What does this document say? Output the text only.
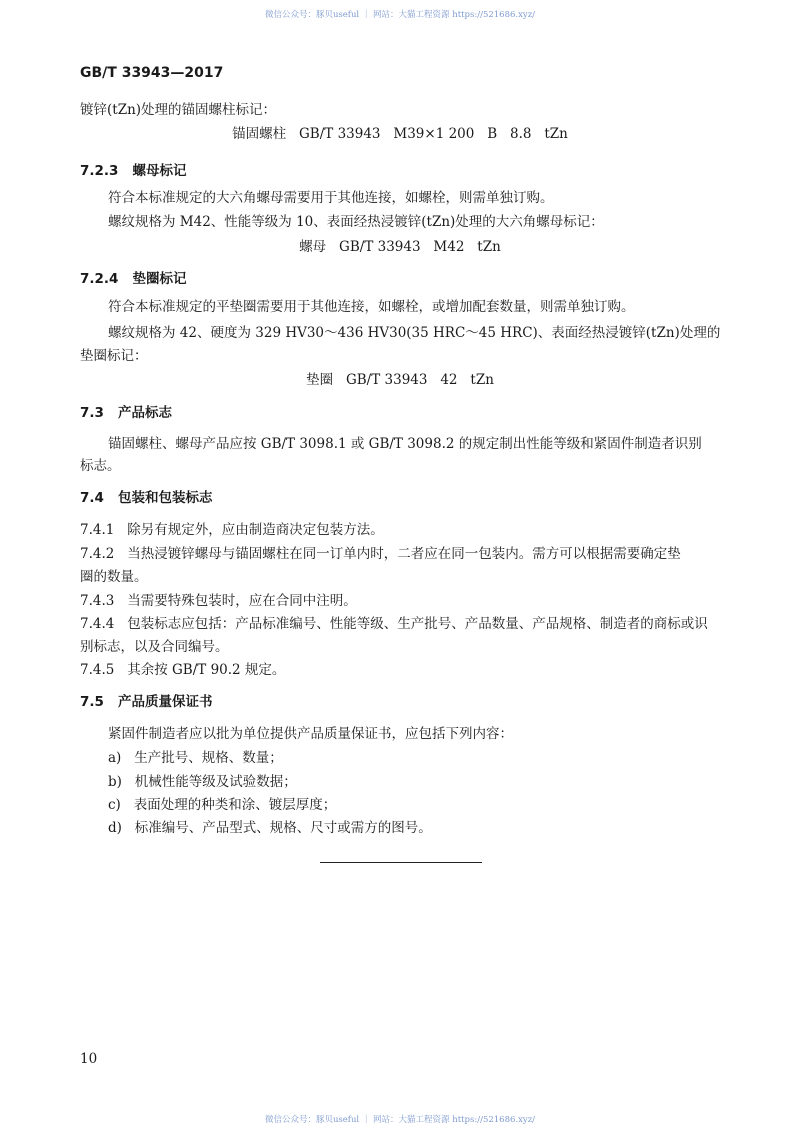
微信公众号：豚贝useful ｜ 网站：大猫工程资源 https://521686.xyz/
GB/T 33943—2017
镀锌(tZn)处理的锚固螺柱标记：
锚固螺柱   GB/T 33943   M39×1 200   B   8.8   tZn
7.2.3   螺母标记
符合本标准规定的大六角螺母需要用于其他连接，如螺栓，则需单独订购。
螺纹规格为 M42、性能等级为 10、表面经热浸镀锌(tZn)处理的大六角螺母标记：
螺母   GB/T 33943   M42   tZn
7.2.4   垫圈标记
符合本标准规定的平垫圈需要用于其他连接，如螺栓，或增加配套数量，则需单独订购。
螺纹规格为 42、硬度为 329 HV30～436 HV30(35 HRC～45 HRC)、表面经热浸镀锌(tZn)处理的
垫圈标记：
垫圈   GB/T 33943   42   tZn
7.3   产品标志
锚固螺柱、螺母产品应按 GB/T 3098.1 或 GB/T 3098.2 的规定制出性能等级和紧固件制造者识别
标志。
7.4   包装和包装标志
7.4.1   除另有规定外，应由制造商决定包装方法。
7.4.2   当热浸镀锌螺母与锚固螺柱在同一订单内时，二者应在同一包装内。需方可以根据需要确定垫
圈的数量。
7.4.3   当需要特殊包装时，应在合同中注明。
7.4.4   包装标志应包括：产品标准编号、性能等级、生产批号、产品数量、产品规格、制造者的商标或识
别标志，以及合同编号。
7.4.5   其余按 GB/T 90.2 规定。
7.5   产品质量保证书
紧固件制造者应以批为单位提供产品质量保证书，应包括下列内容：
a)   生产批号、规格、数量；
b)   机械性能等级及试验数据；
c)   表面处理的种类和涂、镀层厚度；
d)   标准编号、产品型式、规格、尺寸或需方的图号。
10
微信公众号：豚贝useful ｜ 网站：大猫工程资源 https://521686.xyz/
